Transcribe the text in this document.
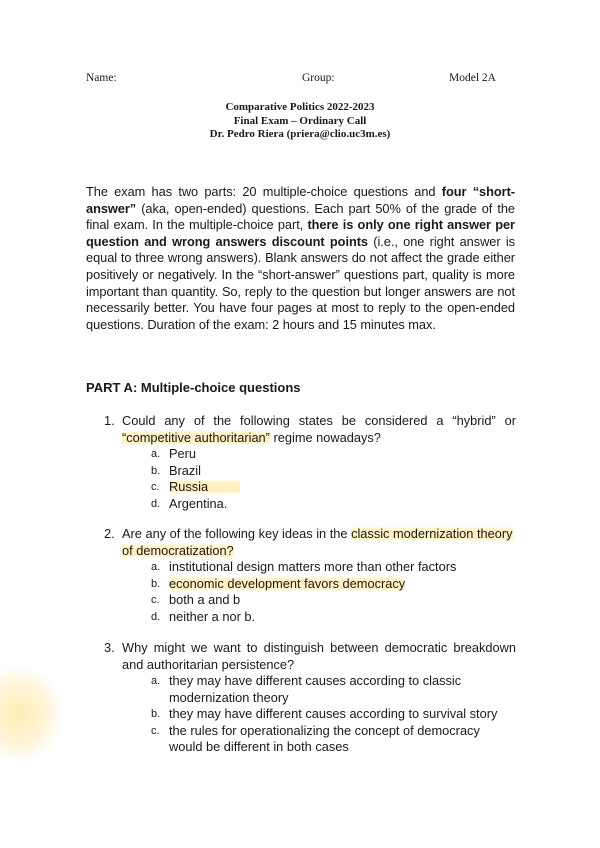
Name:	Group:	Model 2A
Comparative Politics 2022-2023
Final Exam – Ordinary Call
Dr. Pedro Riera (priera@clio.uc3m.es)
The exam has two parts: 20 multiple-choice questions and four “short-answer” (aka, open-ended) questions. Each part 50% of the grade of the final exam. In the multiple-choice part, there is only one right answer per question and wrong answers discount points (i.e., one right answer is equal to three wrong answers). Blank answers do not affect the grade either positively or negatively. In the “short-answer” questions part, quality is more important than quantity. So, reply to the question but longer answers are not necessarily better. You have four pages at most to reply to the open-ended questions. Duration of the exam: 2 hours and 15 minutes max.
PART A: Multiple-choice questions
1. Could any of the following states be considered a “hybrid” or “competitive authoritarian” regime nowadays?
a. Peru
b. Brazil
c. Russia
d. Argentina.
2. Are any of the following key ideas in the classic modernization theory of democratization?
a. institutional design matters more than other factors
b. economic development favors democracy
c. both a and b
d. neither a nor b.
3. Why might we want to distinguish between democratic breakdown and authoritarian persistence?
a. they may have different causes according to classic modernization theory
b. they may have different causes according to survival story
c. the rules for operationalizing the concept of democracy would be different in both cases
